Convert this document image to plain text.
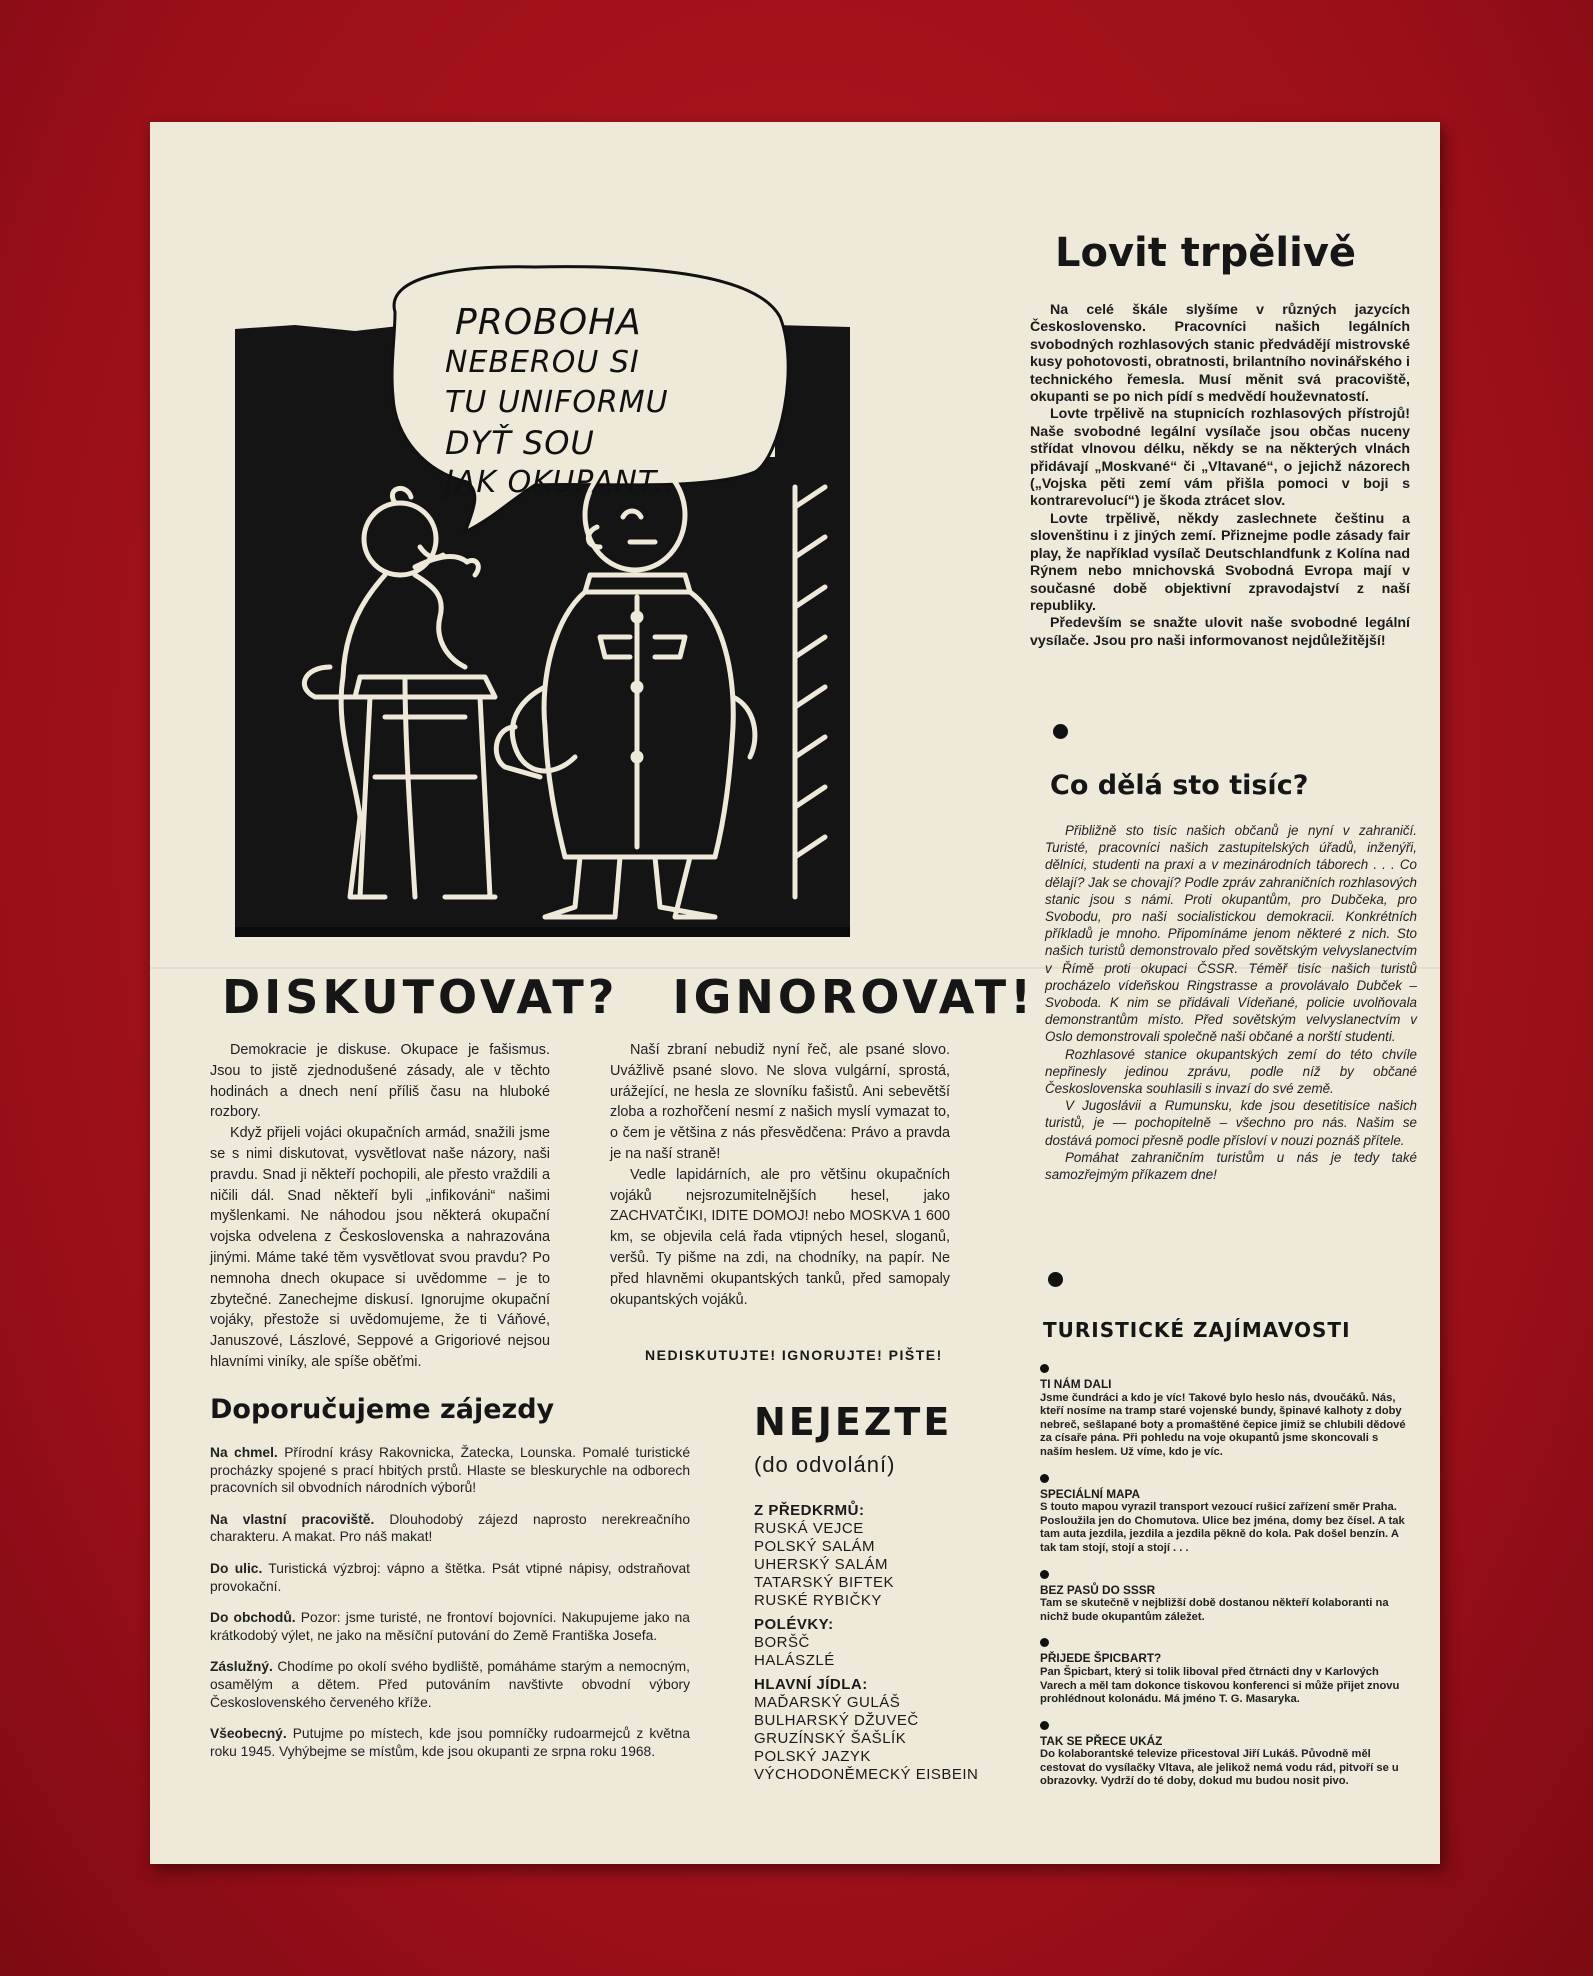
PROBOHA
NEBEROU SI
TU UNIFORMU
DYŤ SOU
JAK OKUPANT..
DISKUTOVAT? IGNOROVAT!

Demokracie je diskuse. Okupace je fašismus. Jsou to jistě zjednodušené zásady, ale v těchto hodinách a dnech není příliš času na hluboké rozbory.

Když přijeli vojáci okupačních armád, snažili jsme se s nimi diskutovat, vysvětlovat naše názory, naši pravdu. Snad ji někteří pochopili, ale přesto vraždili a ničili dál. Snad někteří byli „infikováni“ našimi myšlenkami. Ne náhodou jsou některá okupační vojska odvelena z Československa a nahrazována jinými. Máme také těm vysvětlovat svou pravdu? Po nemnoha dnech okupace si uvědomme – je to zbytečné. Zanechejme diskusí. Ignorujme okupační vojáky, přestože si uvědomujeme, že ti Váňové, Januszové, Lászlové, Seppové a Grigoriové nejsou hlavními viníky, ale spíše oběťmi.

Naší zbraní nebudiž nyní řeč, ale psané slovo. Uvážlivě psané slovo. Ne slova vulgární, sprostá, urážející, ne hesla ze slovníku fašistů. Ani sebevětší zloba a rozhořčení nesmí z našich myslí vymazat to, o čem je většina z nás přesvědčena: Právo a pravda je na naší straně!

Vedle lapidárních, ale pro většinu okupačních vojáků nejsrozumitelnějších hesel, jako ZACHVATČIKI, IDITE DOMOJ! nebo MOSKVA 1 600 km, se objevila celá řada vtipných hesel, sloganů, veršů. Ty pišme na zdi, na chodníky, na papír. Ne před hlavněmi okupantských tanků, před samopaly okupantských vojáků.

NEDISKUTUJTE! IGNORUJTE! PIŠTE!
Lovit trpělivě

Na celé škále slyšíme v různých jazycích Československo. Pracovníci našich legálních svobodných rozhlasových stanic předvádějí mistrovské kusy pohotovosti, obratnosti, brilantního novinářského i technického řemesla. Musí měnit svá pracoviště, okupanti se po nich pídí s medvědí houževnatostí.

Lovte trpělivě na stupnicích rozhlasových přístrojů! Naše svobodné legální vysílače jsou občas nuceny střídat vlnovou délku, někdy se na některých vlnách přidávají „Moskvané“ či „Vltavané“, o jejichž názorech („Vojska pěti zemí vám přišla pomoci v boji s kontrarevolucí“) je škoda ztrácet slov.

Lovte trpělivě, někdy zaslechnete češtinu a slovenštinu i z jiných zemí. Přiznejme podle zásady fair play, že například vysílač Deutschlandfunk z Kolína nad Rýnem nebo mnichovská Svobodná Evropa mají v současné době objektivní zpravodajství z naší republiky.

Především se snažte ulovit naše svobodné legální vysílače. Jsou pro naši informovanost nejdůležitější!

Co dělá sto tisíc?

Přibližně sto tisíc našich občanů je nyní v zahraničí. Turisté, pracovníci našich zastupitelských úřadů, inženýři, dělníci, studenti na praxi a v mezinárodních táborech . . . Co dělají? Jak se chovají? Podle zpráv zahraničních rozhlasových stanic jsou s námi. Proti okupantům, pro Dubčeka, pro Svobodu, pro naši socialistickou demokracii. Konkrétních příkladů je mnoho. Připomínáme jenom některé z nich. Sto našich turistů demonstrovalo před sovětským velvyslanectvím v Římě proti okupaci ČSSR. Téměř tisíc našich turistů procházelo vídeňskou Ringstrasse a provolávalo Dubček – Svoboda. K nim se přidávali Vídeňané, policie uvolňovala demonstrantům místo. Před sovětským velvyslanectvím v Oslo demonstrovali společně naši občané a norští studenti.

Rozhlasové stanice okupantských zemí do této chvíle nepřinesly jedinou zprávu, podle níž by občané Československa souhlasili s invazí do své země.

V Jugoslávii a Rumunsku, kde jsou desetitisíce našich turistů, je — pochopitelně – všechno pro nás. Našim se dostává pomoci přesně podle přísloví v nouzi poznáš přítele.

Pomáhat zahraničním turistům u nás je tedy také samozřejmým příkazem dne!

Doporučujeme zájezdy

Na chmel. Přírodní krásy Rakovnicka, Žatecka, Lounska. Pomalé turistické procházky spojené s prací hbitých prstů. Hlaste se bleskurychle na odborech pracovních sil obvodních národních výborů!

Na vlastní pracoviště. Dlouhodobý zájezd naprosto nerekreačního charakteru. A makat. Pro náš makat!

Do ulic. Turistická výzbroj: vápno a štětka. Psát vtipné nápisy, odstraňovat provokační.

Do obchodů. Pozor: jsme turisté, ne frontoví bojovníci. Nakupujeme jako na krátkodobý výlet, ne jako na měsíční putování do Země Františka Josefa.

Záslužný. Chodíme po okolí svého bydliště, pomáháme starým a nemocným, osamělým a dětem. Před putováním navštivte obvodní výbory Československého červeného kříže.

Všeobecný. Putujme po místech, kde jsou pomníčky rudoarmejců z května roku 1945. Vyhýbejme se místům, kde jsou okupanti ze srpna roku 1968.

NEJEZTE
(do odvolání)
Z PŘEDKRMŮ:
RUSKÁ VEJCE
POLSKÝ SALÁM
UHERSKÝ SALÁM
TATARSKÝ BIFTEK
RUSKÉ RYBIČKY
POLÉVKY:
BORŠČ
HALÁSZLÉ
HLAVNÍ JÍDLA:
MAĎARSKÝ GULÁŠ
BULHARSKÝ DŽUVEČ
GRUZÍNSKÝ ŠAŠLÍK
POLSKÝ JAZYK
VÝCHODONĚMECKÝ EISBEIN
TURISTICKÉ ZAJÍMAVOSTI
TI NÁM DALI
Jsme čundráci a kdo je víc! Takové bylo heslo nás, dvoučáků. Nás, kteří nosíme na tramp staré vojenské bundy, špinavé kalhoty z doby nebreč, sešlapané boty a promaštěné čepice jimiž se chlubili dědové za císaře pána. Při pohledu na voje okupantů jsme skoncovali s naším heslem. Už víme, kdo je víc.
SPECIÁLNÍ MAPA
S touto mapou vyrazil transport vezoucí rušicí zařízení směr Praha. Posloužila jen do Chomutova. Ulice bez jména, domy bez čísel. A tak tam auta jezdila, jezdila a jezdila pěkně do kola. Pak došel benzín. A tak tam stojí, stojí a stojí . . .
BEZ PASŮ DO SSSR
Tam se skutečně v nejbližší době dostanou někteří kolaboranti na nichž bude okupantům záležet.
PŘIJEDE ŠPICBART?
Pan Špicbart, který si tolik liboval před čtrnácti dny v Karlových Varech a měl tam dokonce tiskovou konferenci si může přijet znovu prohlédnout kolonádu. Má jméno T. G. Masaryka.
TAK SE PŘECE UKÁZ
Do kolaborantské televize přicestoval Jiří Lukáš. Původně měl cestovat do vysílačky Vltava, ale jelikož nemá vodu rád, pitvoří se u obrazovky. Vydrží do té doby, dokud mu budou nosit pivo.
